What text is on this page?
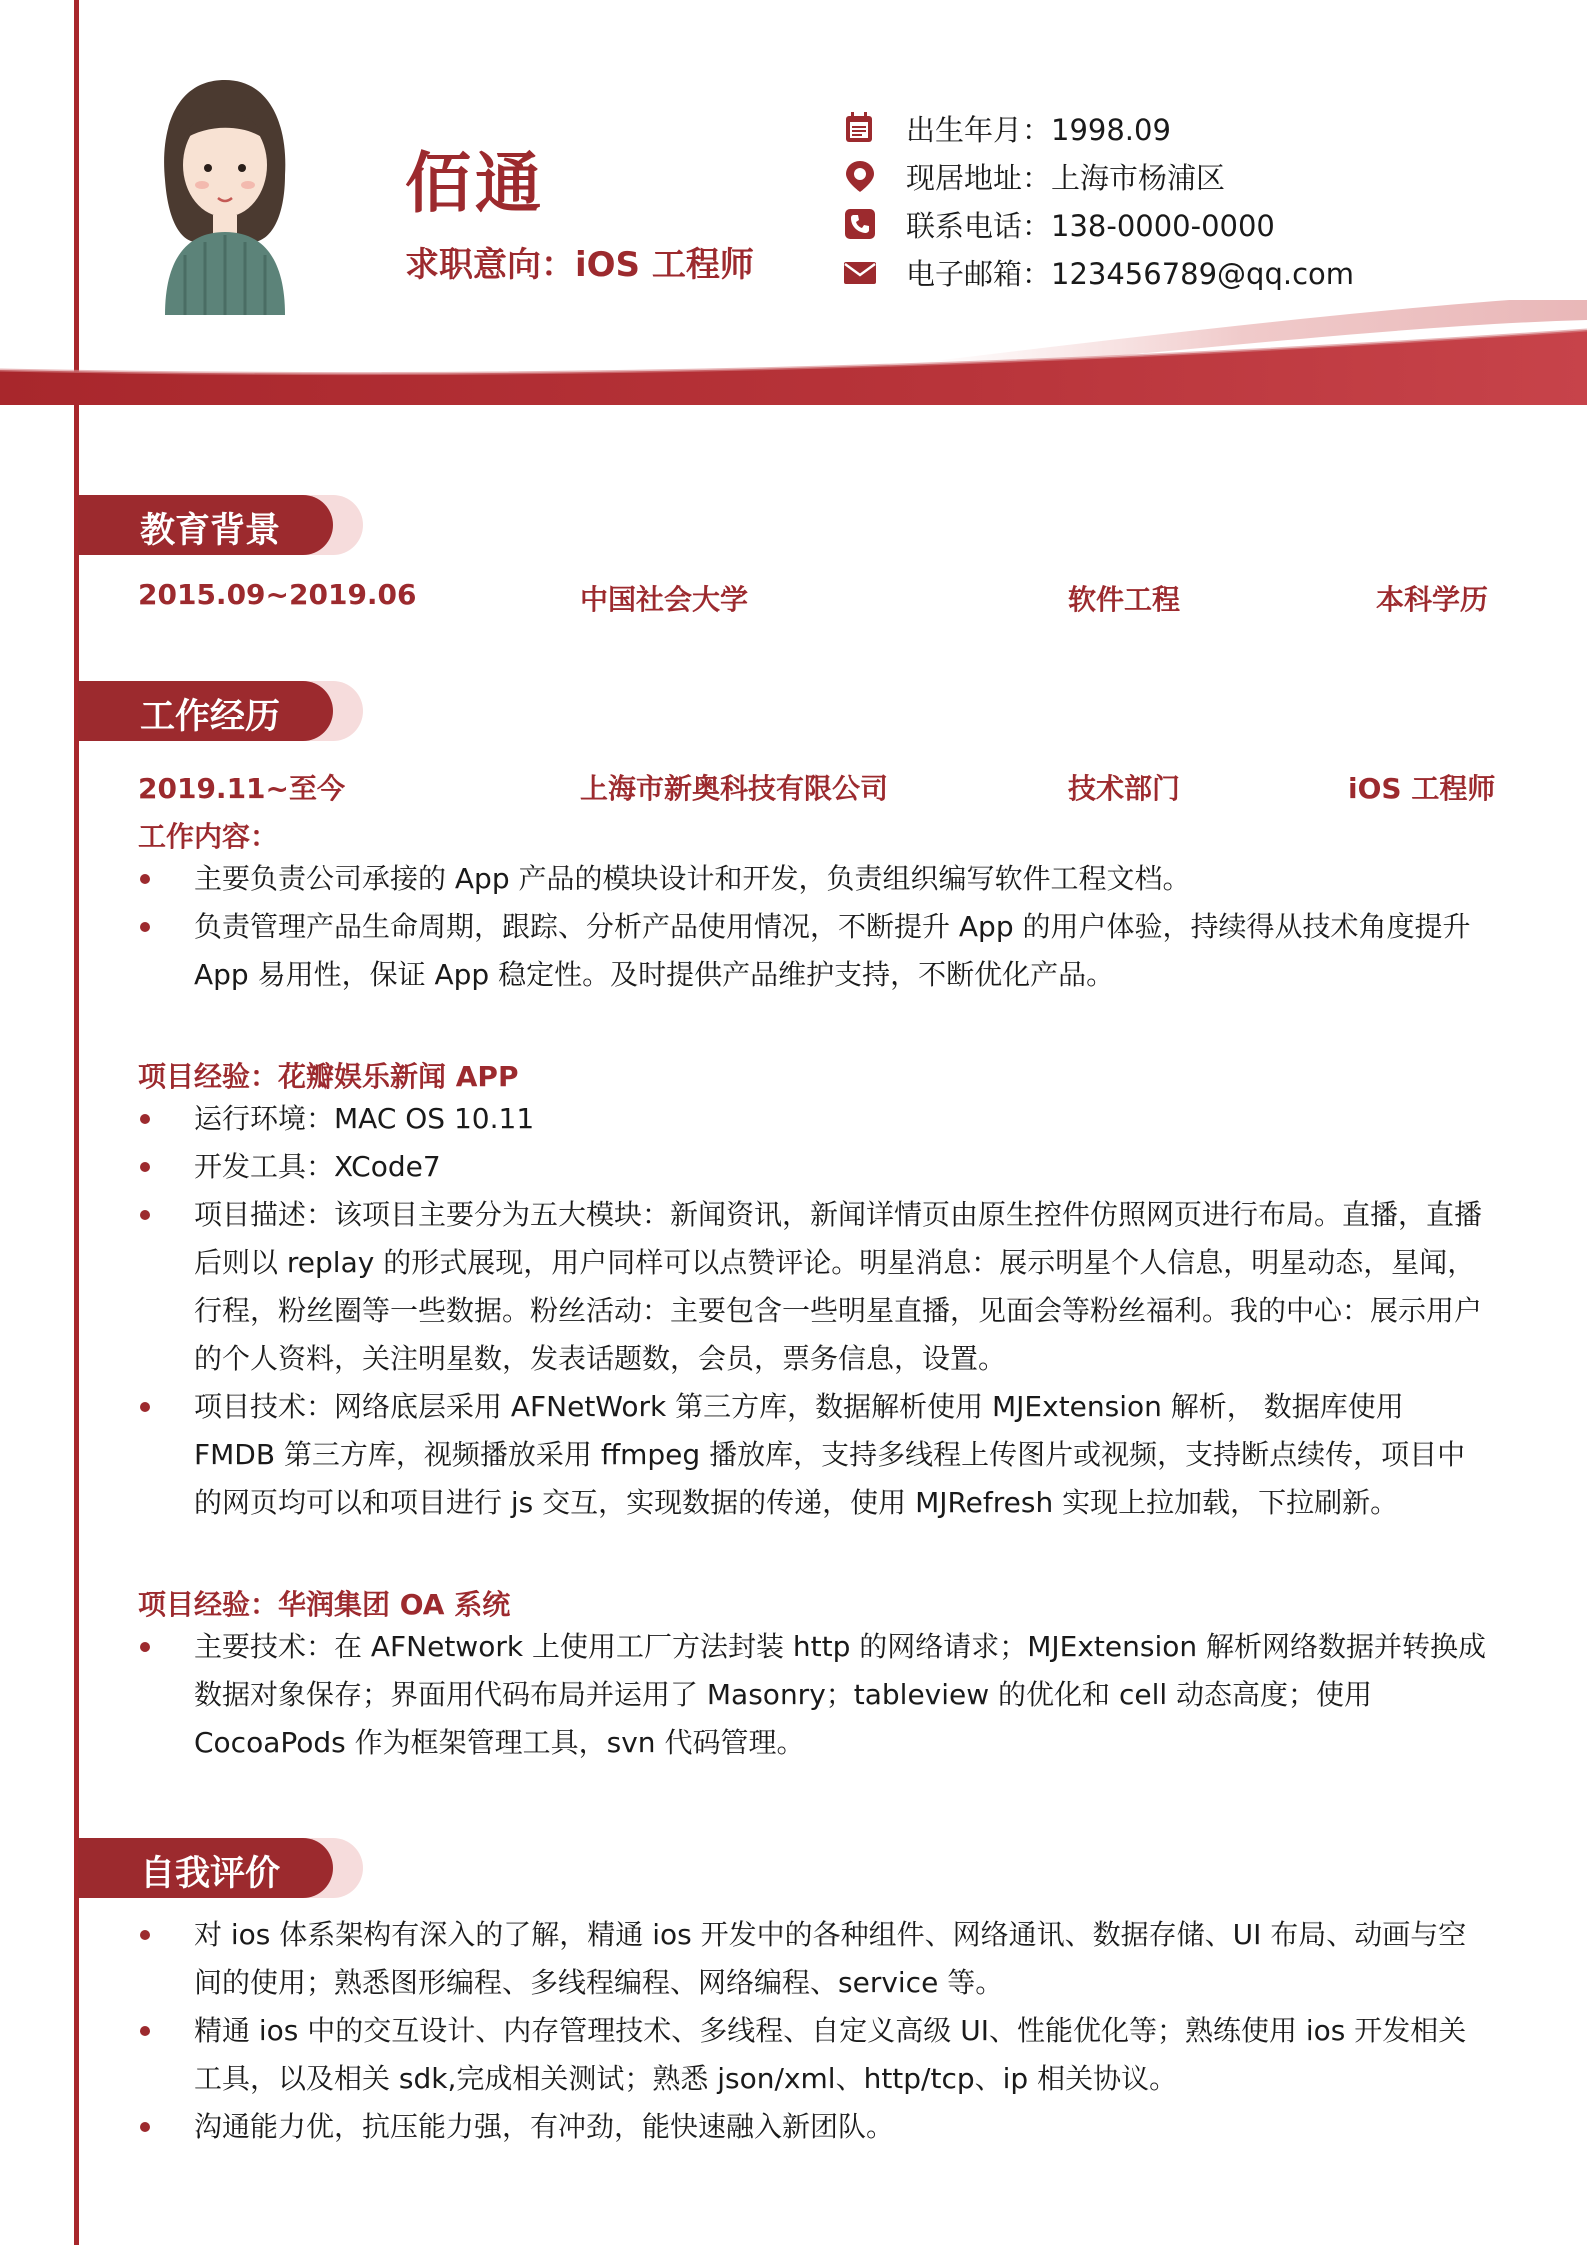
佰通
求职意向：iOS 工程师
出生年月：1998.09
现居地址：上海市杨浦区
联系电话：138-0000-0000
电子邮箱：123456789@qq.com
教育背景
2015.09~2019.06	中国社会大学	软件工程	本科学历
工作经历
2019.11~至今	上海市新奥科技有限公司	技术部门	iOS 工程师
工作内容：
主要负责公司承接的 App 产品的模块设计和开发，负责组织编写软件工程文档。
负责管理产品生命周期，跟踪、分析产品使用情况，不断提升 App 的用户体验，持续得从技术角度提升 App 易用性，保证 App 稳定性。及时提供产品维护支持，不断优化产品。
项目经验：花瓣娱乐新闻 APP
运行环境：MAC OS 10.11
开发工具：XCode7
项目描述：该项目主要分为五大模块：新闻资讯，新闻详情页由原生控件仿照网页进行布局。直播，直播后则以 replay 的形式展现，用户同样可以点赞评论。明星消息：展示明星个人信息，明星动态，星闻，行程，粉丝圈等一些数据。粉丝活动：主要包含一些明星直播，见面会等粉丝福利。我的中心：展示用户的个人资料，关注明星数，发表话题数，会员，票务信息，设置。
项目技术：网络底层采用 AFNetWork 第三方库，数据解析使用 MJExtension 解析， 数据库使用 FMDB 第三方库，视频播放采用 ffmpeg 播放库，支持多线程上传图片或视频，支持断点续传，项目中的网页均可以和项目进行 js 交互，实现数据的传递，使用 MJRefresh 实现上拉加载，下拉刷新。
项目经验：华润集团 OA 系统
主要技术：在 AFNetwork 上使用工厂方法封装 http 的网络请求；MJExtension 解析网络数据并转换成数据对象保存；界面用代码布局并运用了 Masonry；tableview 的优化和 cell 动态高度；使用 CocoaPods 作为框架管理工具，svn 代码管理。
自我评价
对 ios 体系架构有深入的了解，精通 ios 开发中的各种组件、网络通讯、数据存储、UI 布局、动画与空间的使用；熟悉图形编程、多线程编程、网络编程、service 等。
精通 ios 中的交互设计、内存管理技术、多线程、自定义高级 UI、性能优化等；熟练使用 ios 开发相关工具，以及相关 sdk,完成相关测试；熟悉 json/xml、http/tcp、ip 相关协议。
沟通能力优，抗压能力强，有冲劲，能快速融入新团队。
